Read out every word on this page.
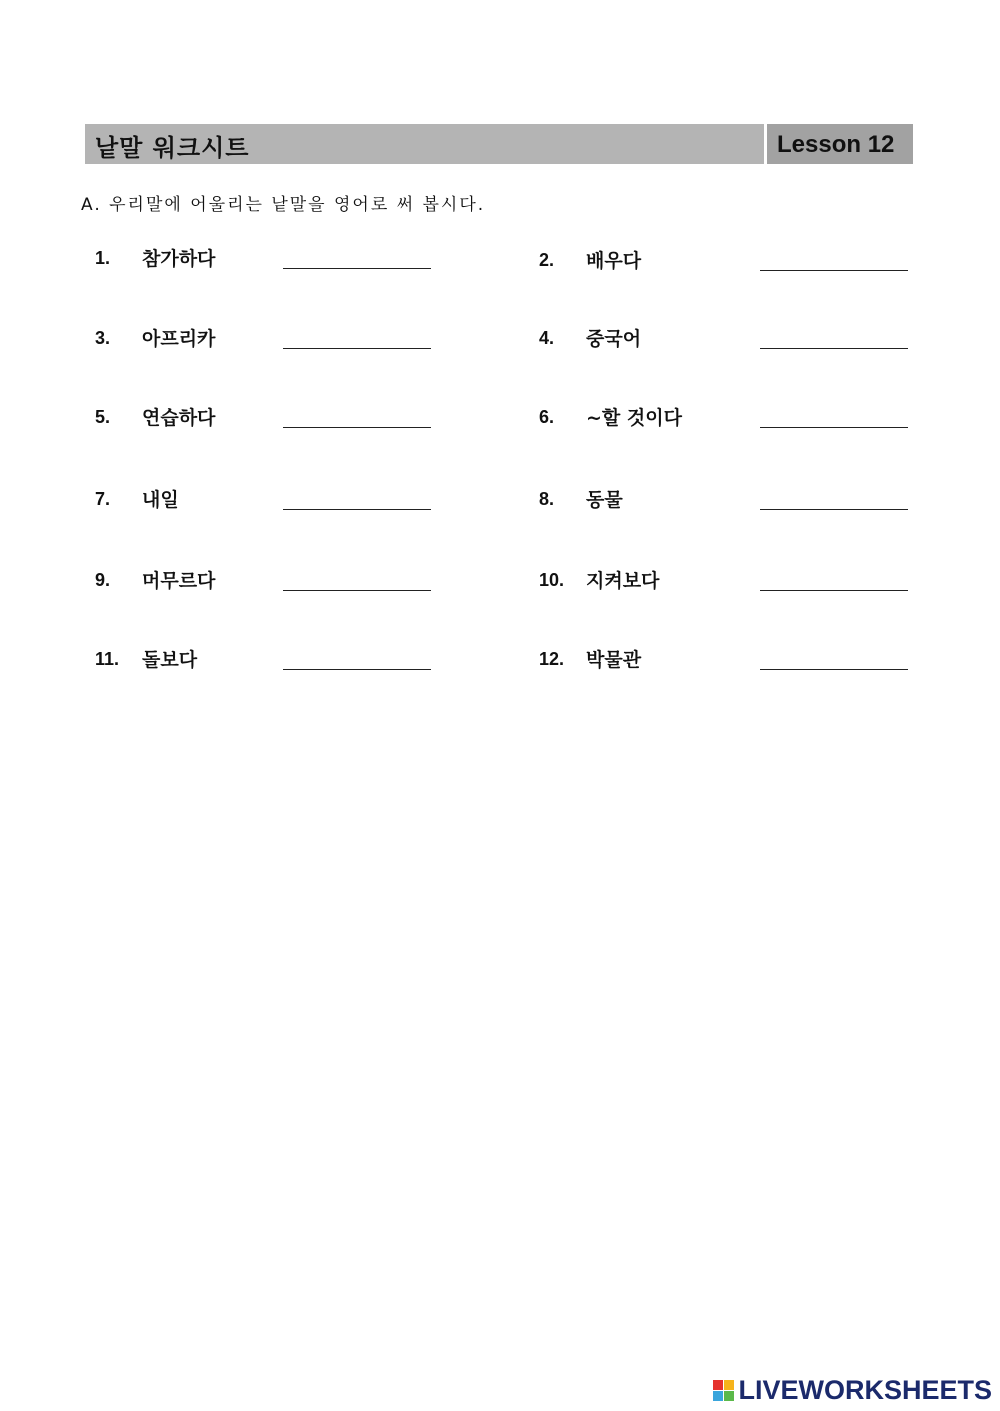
낱말 워크시트	Lesson 12
A. 우리말에 어울리는 낱말을 영어로 써 봅시다.
1. 참가하다	2. 배우다
3. 아프리카	4. 중국어
5. 연습하다	6. ~할 것이다
7. 내일	8. 동물
9. 머무르다	10. 지켜보다
11. 돌보다	12. 박물관
LIVEWORKSHEETS
